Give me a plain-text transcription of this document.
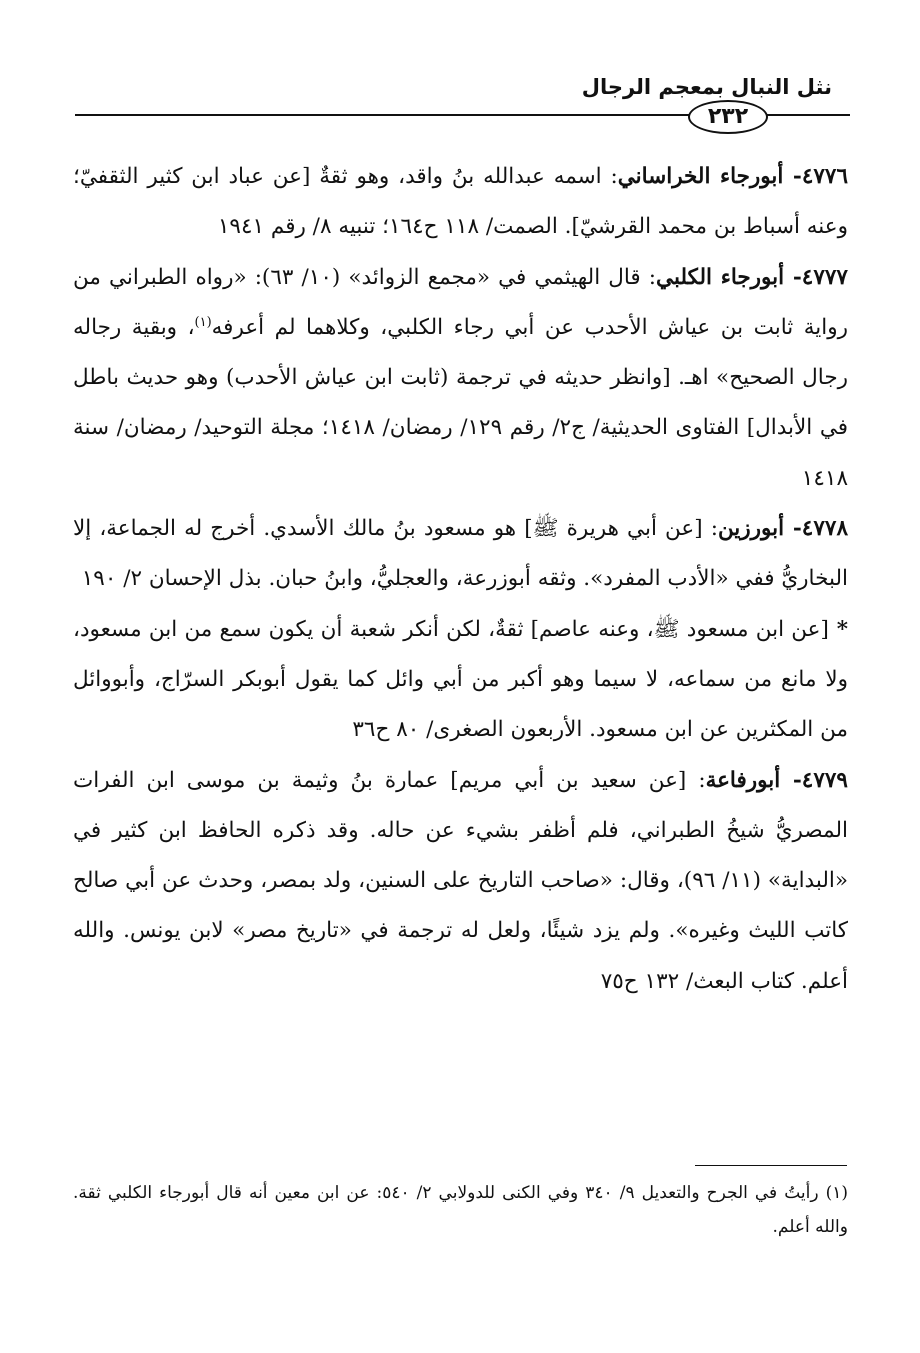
نثل النبال بمعجم الرجال
٢٣٢

٤٧٧٦- أبورجاء الخراساني: اسمه عبدالله بنُ واقد، وهو ثقةٌ [عن عباد ابن كثير الثقفيّ؛ وعنه أسباط بن محمد القرشيّ]. الصمت/ ١١٨ ح١٦٤؛ تنبيه ٨/ رقم ١٩٤١

٤٧٧٧- أبورجاء الكلبي: قال الهيثمي في «مجمع الزوائد» (١٠/ ٦٣): «رواه الطبراني من رواية ثابت بن عياش الأحدب عن أبي رجاء الكلبي، وكلاهما لم أعرفه$^{(١)}$، وبقية رجاله رجال الصحيح» اهـ. [وانظر حديثه في ترجمة (ثابت ابن عياش الأحدب) وهو حديث باطل في الأبدال] الفتاوى الحديثية/ ج٢/ رقم ١٢٩/ رمضان/ ١٤١٨؛ مجلة التوحيد/ رمضان/ سنة ١٤١٨

٤٧٧٨- أبورزين: [عن أبي هريرة ﷺ] هو مسعود بنُ مالك الأسدي. أخرج له الجماعة، إلا البخاريُّ ففي «الأدب المفرد». وثقه أبوزرعة، والعجليُّ، وابنُ حبان. بذل الإحسان ٢/ ١٩٠

* [عن ابن مسعود ﷺ، وعنه عاصم] ثقةٌ، لكن أنكر شعبة أن يكون سمع من ابن مسعود، ولا مانع من سماعه، لا سيما وهو أكبر من أبي وائل كما يقول أبوبكر السرّاج، وأبووائل من المكثرين عن ابن مسعود. الأربعون الصغرى/ ٨٠ ح٣٦

٤٧٧٩- أبورفاعة: [عن سعيد بن أبي مريم] عمارة بنُ وثيمة بن موسى ابن الفرات المصريُّ شيخُ الطبراني، فلم أظفر بشيء عن حاله. وقد ذكره الحافظ ابن كثير في «البداية» (١١/ ٩٦)، وقال: «صاحب التاريخ على السنين، ولد بمصر، وحدث عن أبي صالح كاتب الليث وغيره». ولم يزد شيئًا، ولعل له ترجمة في «تاريخ مصر» لابن يونس. والله أعلم. كتاب البعث/ ١٣٢ ح٧٥

(١) رأيتُ في الجرح والتعديل ٩/ ٣٤٠ وفي الكنى للدولابي ٢/ ٥٤٠: عن ابن معين أنه قال أبورجاء الكلبي ثقة. والله أعلم.
